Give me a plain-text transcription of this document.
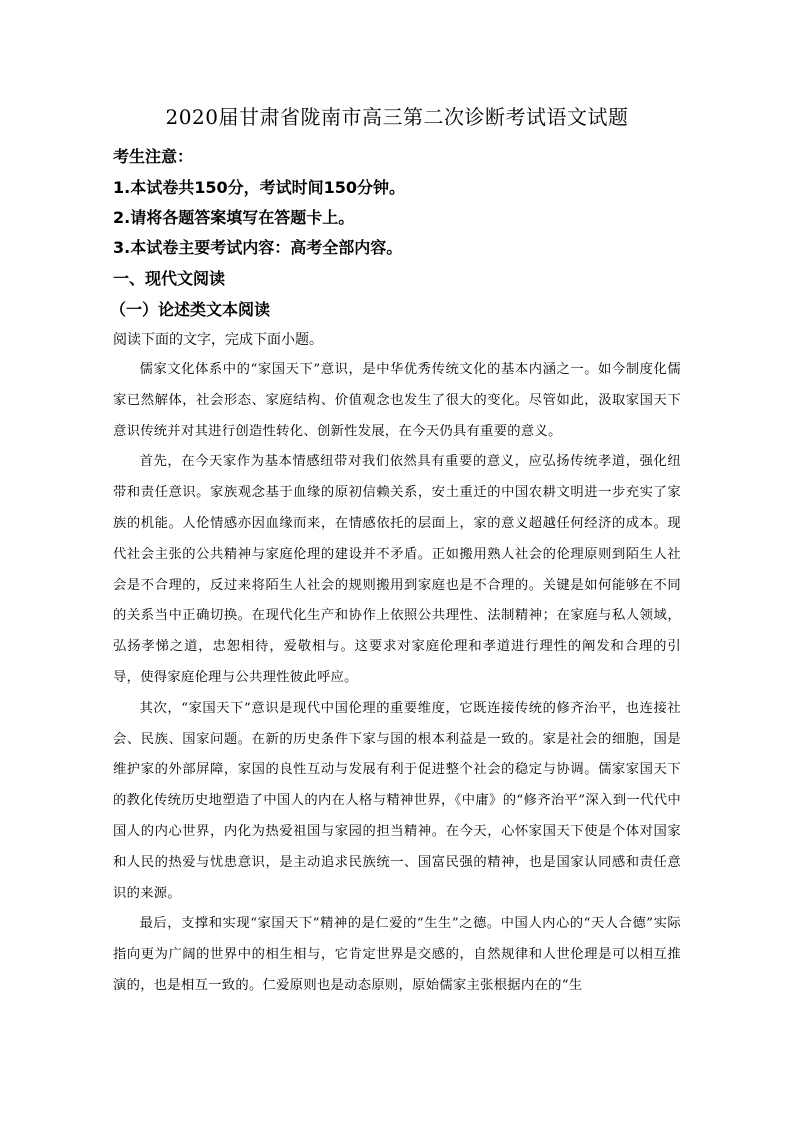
2020届甘肃省陇南市高三第二次诊断考试语文试题
考生注意：
1.本试卷共150分，考试时间150分钟。
2.请将各题答案填写在答题卡上。
3.本试卷主要考试内容：高考全部内容。
一、现代文阅读
（一）论述类文本阅读
阅读下面的文字，完成下面小题。

儒家文化体系中的“家国天下”意识，是中华优秀传统文化的基本内涵之一。如今制度化儒家已然解体，社会形态、家庭结构、价值观念也发生了很大的变化。尽管如此，汲取家国天下意识传统并对其进行创造性转化、创新性发展，在今天仍具有重要的意义。

首先，在今天家作为基本情感纽带对我们依然具有重要的意义，应弘扬传统孝道，强化纽带和责任意识。家族观念基于血缘的原初信赖关系，安土重迁的中国农耕文明进一步充实了家族的机能。人伦情感亦因血缘而来，在情感依托的层面上，家的意义超越任何经济的成本。现代社会主张的公共精神与家庭伦理的建设并不矛盾。正如搬用熟人社会的伦理原则到陌生人社会是不合理的，反过来将陌生人社会的规则搬用到家庭也是不合理的。关键是如何能够在不同的关系当中正确切换。在现代化生产和协作上依照公共理性、法制精神；在家庭与私人领域，弘扬孝悌之道，忠恕相待，爱敬相与。这要求对家庭伦理和孝道进行理性的阐发和合理的引导，使得家庭伦理与公共理性彼此呼应。

其次，“家国天下”意识是现代中国伦理的重要维度，它既连接传统的修齐治平，也连接社会、民族、国家问题。在新的历史条件下家与国的根本利益是一致的。家是社会的细胞，国是维护家的外部屏障，家国的良性互动与发展有利于促进整个社会的稳定与协调。儒家家国天下的教化传统历史地塑造了中国人的内在人格与精神世界，《中庸》的“修齐治平”深入到一代代中国人的内心世界，内化为热爱祖国与家园的担当精神。在今天，心怀家国天下使是个体对国家和人民的热爱与忧患意识，是主动追求民族统一、国富民强的精神，也是国家认同感和责任意识的来源。

最后，支撑和实现“家国天下”精神的是仁爱的“生生”之德。中国人内心的“天人合德”实际指向更为广阔的世界中的相生相与，它肯定世界是交感的，自然规律和人世伦理是可以相互推演的，也是相互一致的。仁爱原则也是动态原则，原始儒家主张根据内在的“生
